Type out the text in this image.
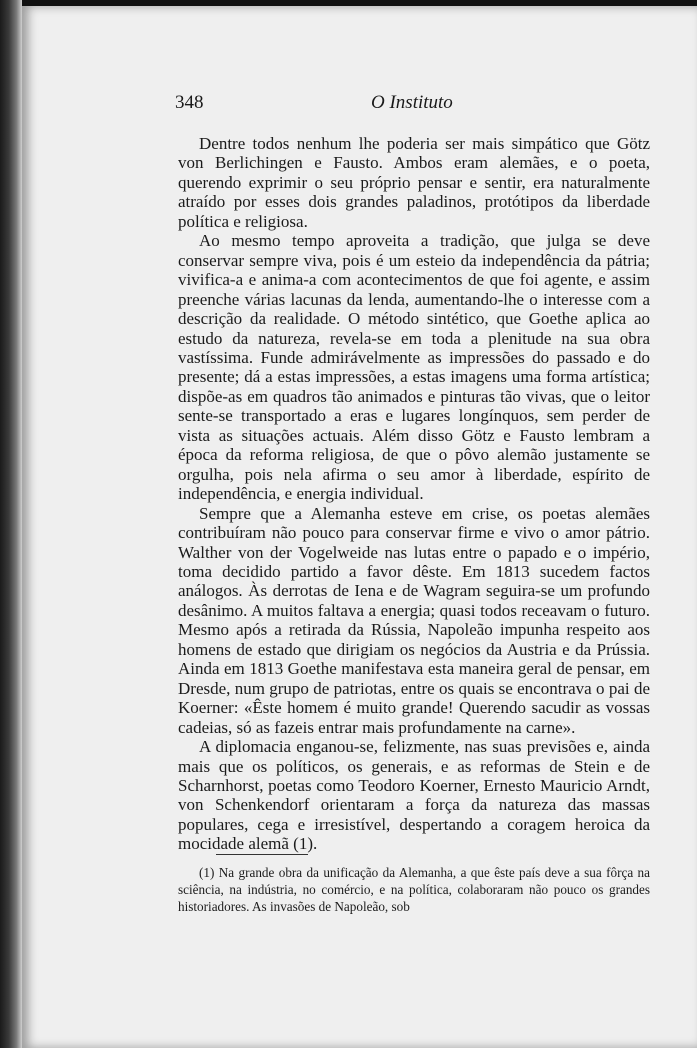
348	O Instituto

Dentre todos nenhum lhe poderia ser mais simpático que Götz von Berlichingen e Fausto. Ambos eram alemães, e o poeta, querendo exprimir o seu próprio pensar e sentir, era naturalmente atraído por esses dois grandes paladinos, protótipos da liberdade política e religiosa.

Ao mesmo tempo aproveita a tradição, que julga se deve conservar sempre viva, pois é um esteio da independência da pátria; vivifica-a e anima-a com acontecimentos de que foi agente, e assim preenche várias lacunas da lenda, aumentando-lhe o interesse com a descrição da realidade. O método sintético, que Goethe aplica ao estudo da natureza, revela-se em toda a plenitude na sua obra vastíssima. Funde admirávelmente as impressões do passado e do presente; dá a estas impressões, a estas imagens uma forma artística; dispõe-as em quadros tão animados e pinturas tão vivas, que o leitor sente-se transportado a eras e lugares longínquos, sem perder de vista as situações actuais. Além disso Götz e Fausto lembram a época da reforma religiosa, de que o pôvo alemão justamente se orgulha, pois nela afirma o seu amor à liberdade, espírito de independência, e energia individual.

Sempre que a Alemanha esteve em crise, os poetas alemães contribuíram não pouco para conservar firme e vivo o amor pátrio. Walther von der Vogelweide nas lutas entre o papado e o império, toma decidido partido a favor dêste. Em 1813 sucedem factos análogos. Às derrotas de Iena e de Wagram seguira-se um profundo desânimo. A muitos faltava a energia; quasi todos receavam o futuro. Mesmo após a retirada da Rússia, Napoleão impunha respeito aos homens de estado que dirigiam os negócios da Austria e da Prússia. Ainda em 1813 Goethe manifestava esta maneira geral de pensar, em Dresde, num grupo de patriotas, entre os quais se encontrava o pai de Koerner: «Êste homem é muito grande! Querendo sacudir as vossas cadeias, só as fazeis entrar mais profundamente na carne».

A diplomacia enganou-se, felizmente, nas suas previsões e, ainda mais que os políticos, os generais, e as reformas de Stein e de Scharnhorst, poetas como Teodoro Koerner, Ernesto Mauricio Arndt, von Schenkendorf orientaram a força da natureza das massas populares, cega e irresistível, despertando a coragem heroica da mocidade alemã (1).

(1) Na grande obra da unificação da Alemanha, a que êste país deve a sua fôrça na sciência, na indústria, no comércio, e na política, colaboraram não pouco os grandes historiadores. As invasões de Napoleão, sob
